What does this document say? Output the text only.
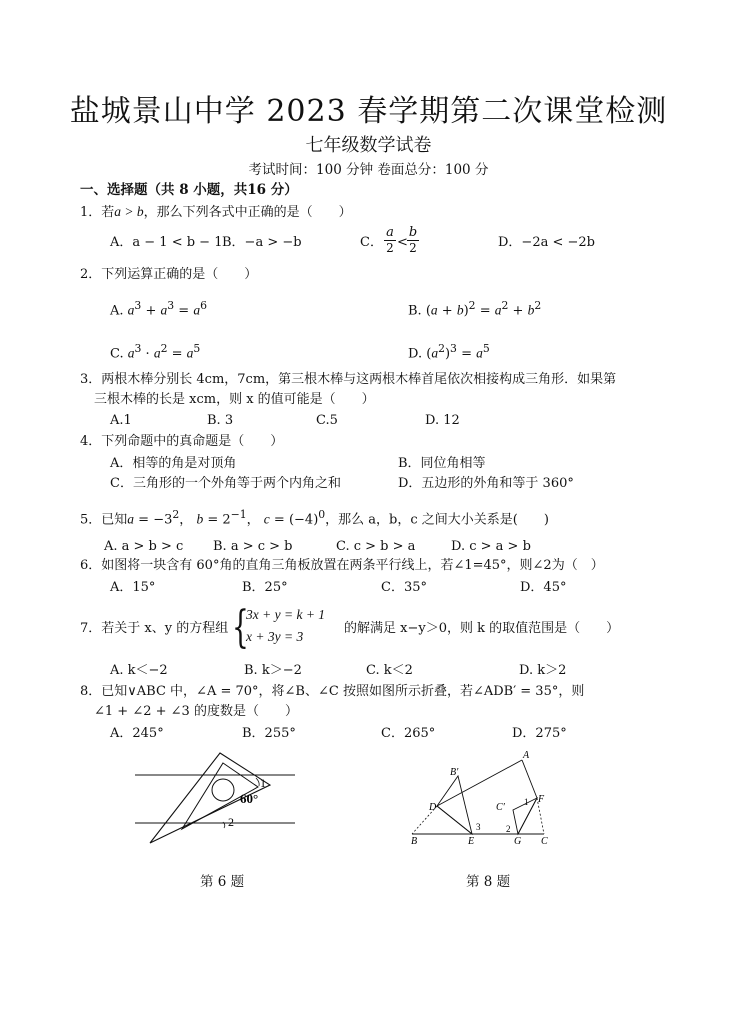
盐城景山中学 2023 春学期第二次课堂检测
七年级数学试卷
考试时间：100 分钟 卷面总分：100 分
一、选择题（共 8 小题，共16 分）
1．若a > b，那么下列各式中正确的是（　　）
A．a − 1 < b − 1 B．−a > −b	C．
a
2 <
b
2	D．−2a < −2b
2．下列运算正确的是（　　）
A. $a^3 + a^3 = a^6$	B. $(a + b)^2 = a^2 + b^2$
C. $a^3 \cdot a^2 = a^5$	D. $(a^2)^3 = a^5$
3．两根木棒分别长 4cm，7cm，第三根木棒与这两根木棒首尾依次相接构成三角形．如果第
三根木棒的长是 xcm，则 x 的值可能是（　　）
A.1	B. 3	C.5	D. 12
4．下列命题中的真命题是（　　）
A．相等的角是对顶角	B．同位角相等
C．三角形的一个外角等于两个内角之和	D．五边形的外角和等于 360°
5．已知$a = -3^2$， $b = 2^{-1}$， $c = (-4)^0$，那么 a，b，c 之间大小关系是(　　)
A. a > b > c B. a > c > b	C. c > b > a	D. c > a > b
6．如图将一块含有 60°角的直角三角板放置在两条平行线上，若∠1=45°，则∠2为（　）
A．15°	B．25°	C．35°	D．45°
7．若关于 x、y 的方程组 {
3x + y = k + 1
x + 3y = 3
的解满足 x−y＞0，则 k 的取值范围是（　　）
A. k＜−2	B. k＞−2	C. k＜2	D. k＞2
8．已知∨ABC 中，∠A = 70°，将∠B、∠C 按照如图所示折叠，若∠ADB′ = 35°，则
∠1 + ∠2 + ∠3 的度数是（　　）
A．245°	B．255°	C．265°	D．275°
1
60°
2
第 6 题
A
B′
C′
D
F
B	E	G C
1
2
3
第 8 题
